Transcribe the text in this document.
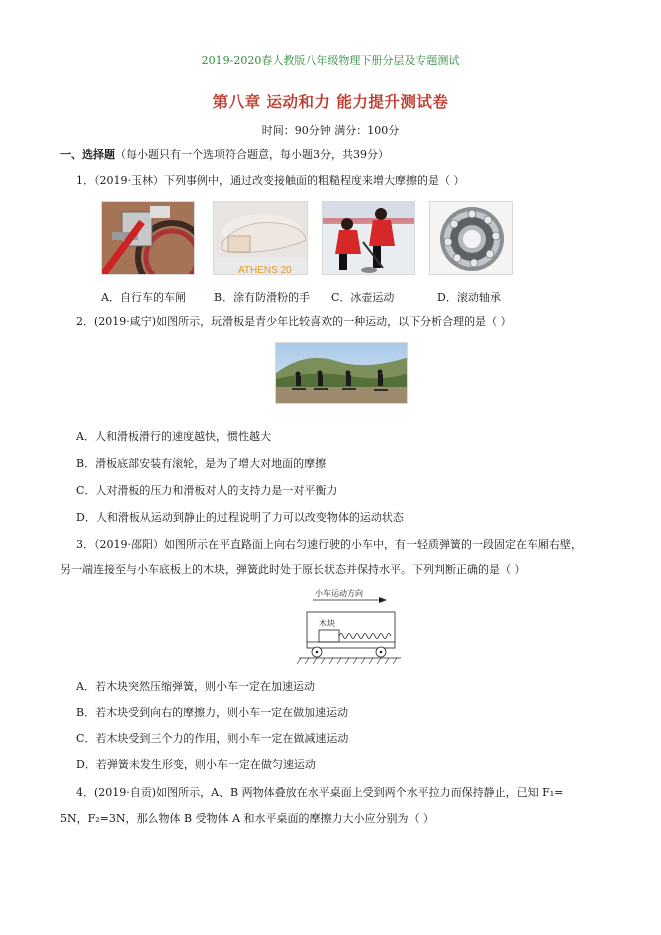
2019-2020春人教版八年级物理下册分层及专题测试
第八章 运动和力 能力提升测试卷
时间：90分钟 满分：100分
一、选择题（每小题只有一个选项符合题意，每小题3分，共39分）
1．（2019·玉林）下列事例中，通过改变接触面的粗糙程度来增大摩擦的是（ ）
ATHENS 20
A．自行车的车闸	B．涂有防滑粉的手 C．冰壶运动	D．滚动轴承
2．(2019·咸宁)如图所示，玩滑板是青少年比较喜欢的一种运动，以下分析合理的是（ ）
A．人和滑板滑行的速度越快，惯性越大
B．滑板底部安装有滚轮，是为了增大对地面的摩擦
C．人对滑板的压力和滑板对人的支持力是一对平衡力
D．人和滑板从运动到静止的过程说明了力可以改变物体的运动状态
3．（2019·邵阳）如图所示在平直路面上向右匀速行驶的小车中，有一轻质弹簧的一段固定在车厢右壁，
另一端连接至与小车底板上的木块，弹簧此时处于原长状态并保持水平。下列判断正确的是（ ）
小车运动方向
木块
A．若木块突然压缩弹簧，则小车一定在加速运动
B．若木块受到向右的摩擦力，则小车一定在做加速运动
C．若木块受到三个力的作用，则小车一定在做减速运动
D．若弹簧未发生形变，则小车一定在做匀速运动
4．(2019·自贡)如图所示，A、B 两物体叠放在水平桌面上受到两个水平拉力而保持静止，已知 F₁=
5N，F₂=3N，那么物体 B 受物体 A 和水平桌面的摩擦力大小应分别为（ ）
